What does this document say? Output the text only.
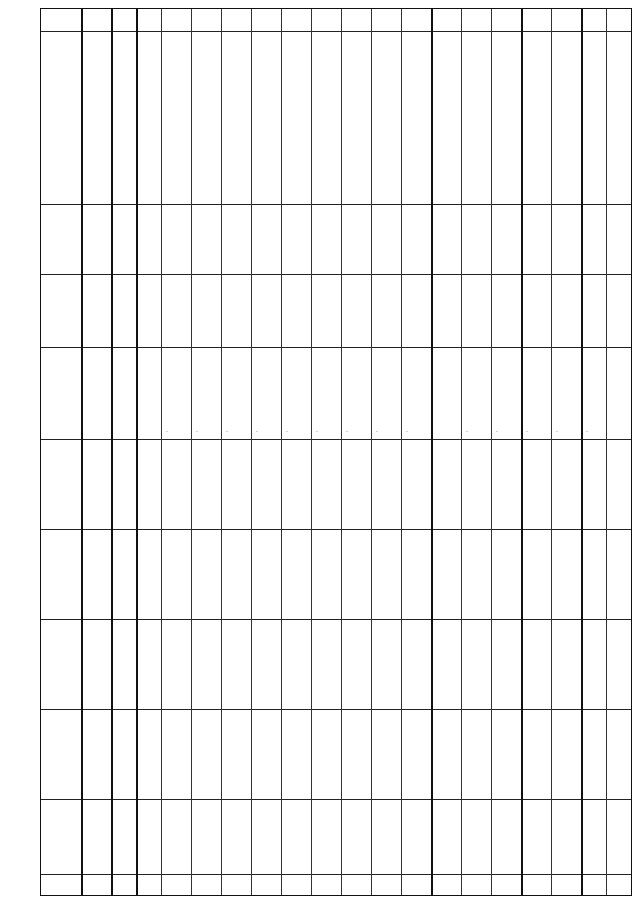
-	-	-	-	-	-	-	-	-	-	-	-	-	-
